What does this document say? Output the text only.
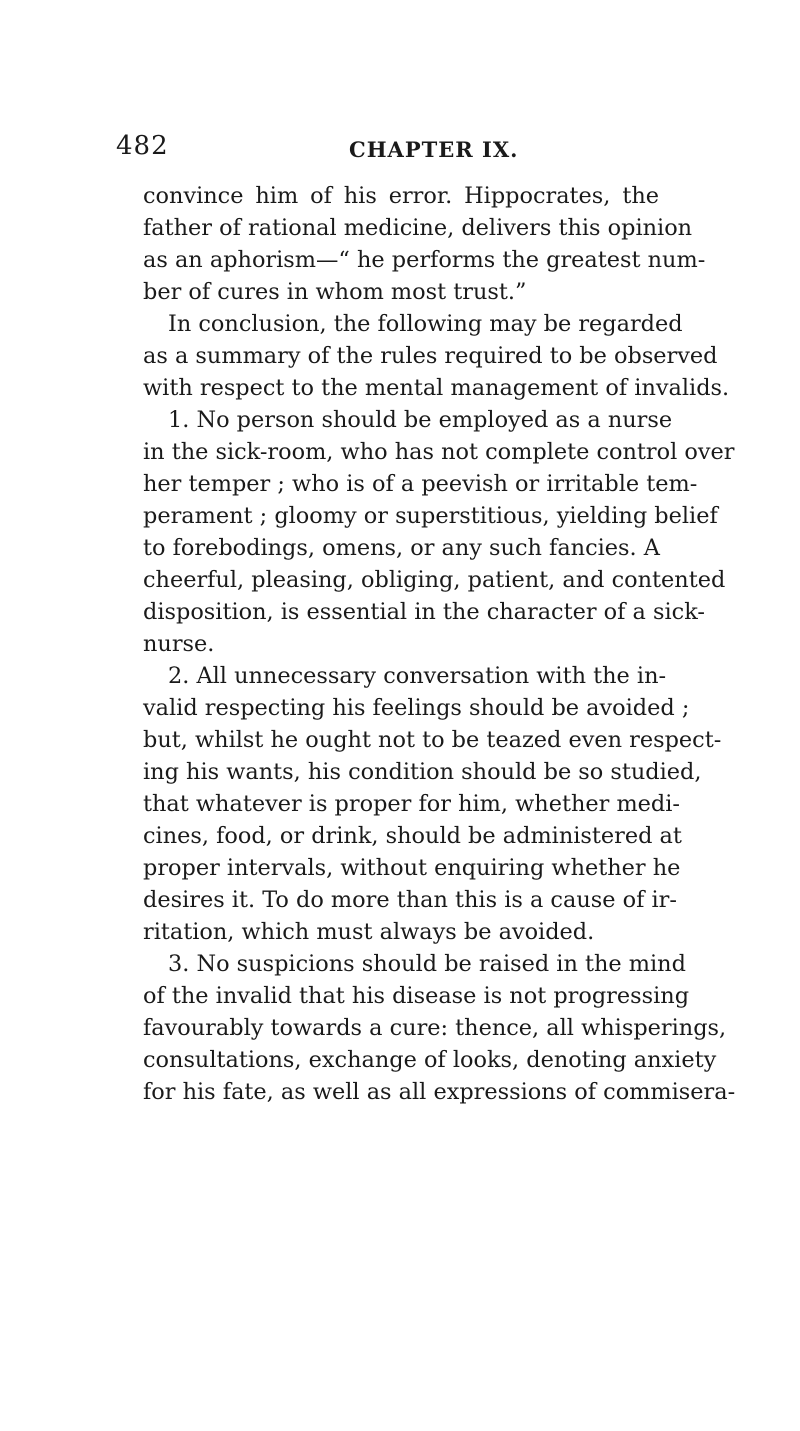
482	CHAPTER IX.
convince him of his error. Hippocrates, the
father of rational medicine, delivers this opinion
as an aphorism—“ he performs the greatest num-
ber of cures in whom most trust.”
In conclusion, the following may be regarded
as a summary of the rules required to be observed
with respect to the mental management of invalids.
1. No person should be employed as a nurse
in the sick-room, who has not complete control over
her temper ; who is of a peevish or irritable tem-
perament ; gloomy or superstitious, yielding belief
to forebodings, omens, or any such fancies. A
cheerful, pleasing, obliging, patient, and contented
disposition, is essential in the character of a sick-
nurse.
2. All unnecessary conversation with the in-
valid respecting his feelings should be avoided ;
but, whilst he ought not to be teazed even respect-
ing his wants, his condition should be so studied,
that whatever is proper for him, whether medi-
cines, food, or drink, should be administered at
proper intervals, without enquiring whether he
desires it. To do more than this is a cause of ir-
ritation, which must always be avoided.
3. No suspicions should be raised in the mind
of the invalid that his disease is not progressing
favourably towards a cure: thence, all whisperings,
consultations, exchange of looks, denoting anxiety
for his fate, as well as all expressions of commisera-
